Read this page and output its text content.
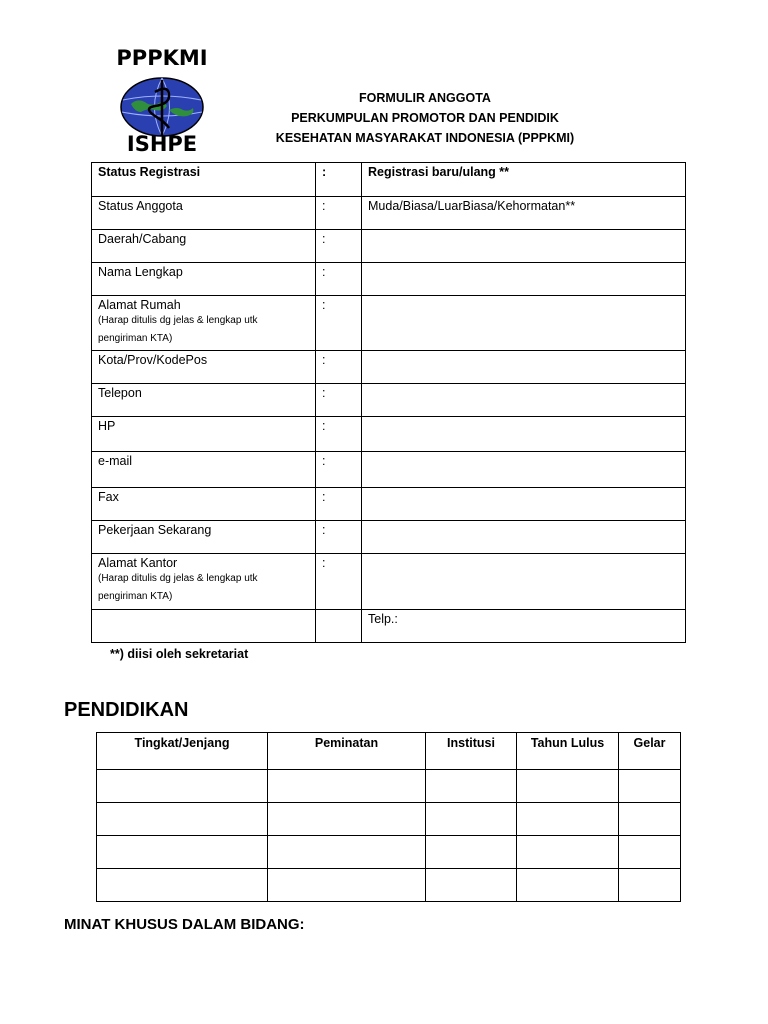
PPPKMI
ISHPE
FORMULIR ANGGOTA
PERKUMPULAN PROMOTOR DAN PENDIDIK
KESEHATAN MASYARAKAT INDONESIA (PPPKMI)
Status Registrasi	:	Registrasi baru/ulang **
Status Anggota	:	Muda/Biasa/LuarBiasa/Kehormatan**
Daerah/Cabang	:	
Nama Lengkap	:	
Alamat Rumah
(Harap ditulis dg jelas & lengkap utk pengiriman KTA)	:	
Kota/Prov/KodePos	:	
Telepon	:	
HP	:	
e-mail	:	
Fax	:	
Pekerjaan Sekarang	:	
Alamat Kantor
(Harap ditulis dg jelas & lengkap utk pengiriman KTA)	:	
		Telp.:
**) diisi oleh sekretariat
PENDIDIKAN
Tingkat/Jenjang	Peminatan	Institusi	Tahun Lulus	Gelar

MINAT KHUSUS DALAM BIDANG:
